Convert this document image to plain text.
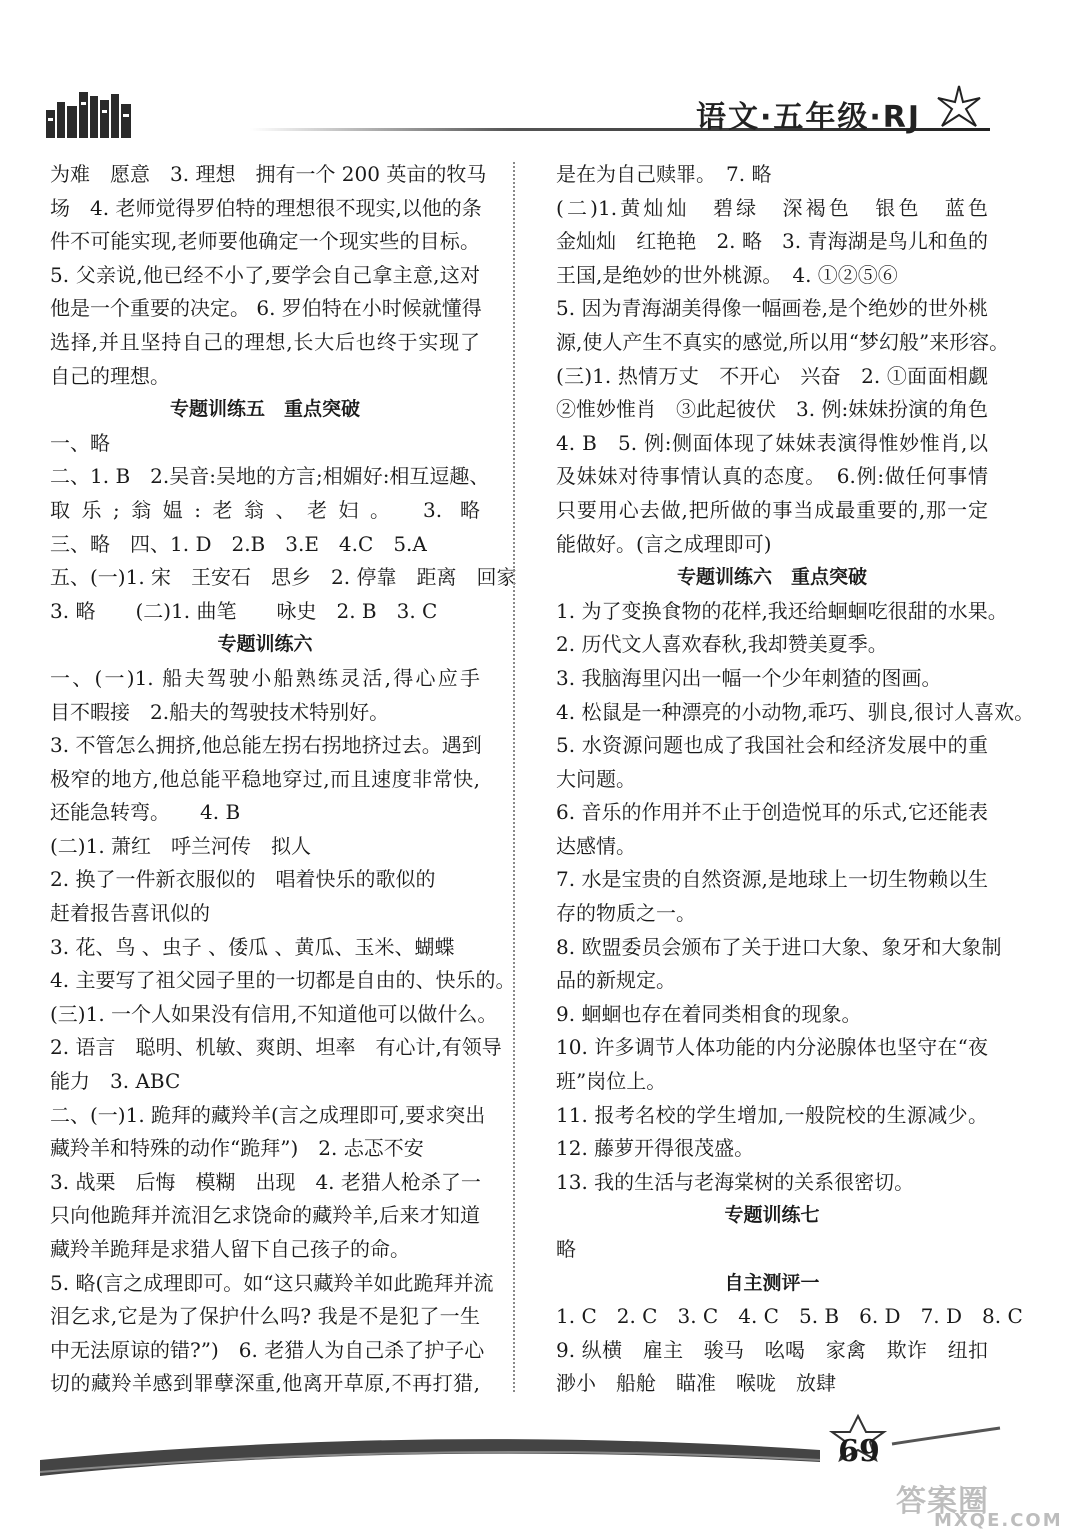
语文·五年级·RJ
为难　愿意　3. 理想　拥有一个 200 英亩的牧马
场　4. 老师觉得罗伯特的理想很不现实,以他的条
件不可能实现,老师要他确定一个现实些的目标。
5. 父亲说,他已经不小了,要学会自己拿主意,这对
他是一个重要的决定。 6. 罗伯特在小时候就懂得
选择,并且坚持自己的理想,长大后也终于实现了
自己的理想。
专题训练五　重点突破
一、略
二、1. B　2.吴音:吴地的方言;相媚好:相互逗趣、
取乐;翁媪:老翁、老妇。　3. 略
三、略　四、1. D　2.B　3.E　4.C　5.A
五、(一)1. 宋　王安石　思乡　2. 停靠　距离　回家
3. 略　　(二)1. 曲笔　　咏史　2. B　3. C
专题训练六
一、(一)1. 船夫驾驶小船熟练灵活,得心应手
目不暇接　2.船夫的驾驶技术特别好。
3. 不管怎么拥挤,他总能左拐右拐地挤过去。遇到
极窄的地方,他总能平稳地穿过,而且速度非常快,
还能急转弯。　　4. B
(二)1. 萧红　呼兰河传　拟人
2. 换了一件新衣服似的　唱着快乐的歌似的
赶着报告喜讯似的
3. 花、鸟 、虫子 、倭瓜 、黄瓜、玉米、蝴蝶
4. 主要写了祖父园子里的一切都是自由的、快乐的。
(三)1. 一个人如果没有信用,不知道他可以做什么。
2. 语言　聪明、机敏、爽朗、坦率　有心计,有领导
能力　3. ABC
二、(一)1. 跪拜的藏羚羊(言之成理即可,要求突出
藏羚羊和特殊的动作“跪拜”)　2. 忐忑不安
3. 战栗　后悔　模糊　出现　4. 老猎人枪杀了一
只向他跪拜并流泪乞求饶命的藏羚羊,后来才知道
藏羚羊跪拜是求猎人留下自己孩子的命。
5. 略(言之成理即可。如“这只藏羚羊如此跪拜并流
泪乞求,它是为了保护什么吗? 我是不是犯了一生
中无法原谅的错?”)　6. 老猎人为自己杀了护子心
切的藏羚羊感到罪孽深重,他离开草原,不再打猎,
是在为自己赎罪。　7. 略
(二)1.黄灿灿　碧绿　深褐色　银色　蓝色
金灿灿　红艳艳　2. 略　3. 青海湖是鸟儿和鱼的
王国,是绝妙的世外桃源。　4. ①②⑤⑥
5. 因为青海湖美得像一幅画卷,是个绝妙的世外桃
源,使人产生不真实的感觉,所以用“梦幻般”来形容。
(三)1. 热情万丈　不开心　兴奋　2. ①面面相觑
②惟妙惟肖　③此起彼伏　3. 例:妹妹扮演的角色
4. B　5. 例:侧面体现了妹妹表演得惟妙惟肖,以
及妹妹对待事情认真的态度。　6.例:做任何事情
只要用心去做,把所做的事当成最重要的,那一定
能做好。(言之成理即可)
专题训练六　重点突破
1. 为了变换食物的花样,我还给蛔蛔吃很甜的水果。
2. 历代文人喜欢春秋,我却赞美夏季。
3. 我脑海里闪出一幅一个少年刺猹的图画。
4. 松鼠是一种漂亮的小动物,乖巧、驯良,很讨人喜欢。
5. 水资源问题也成了我国社会和经济发展中的重
大问题。
6. 音乐的作用并不止于创造悦耳的乐式,它还能表
达感情。
7. 水是宝贵的自然资源,是地球上一切生物赖以生
存的物质之一。
8. 欧盟委员会颁布了关于进口大象、象牙和大象制
品的新规定。
9. 蛔蛔也存在着同类相食的现象。
10. 许多调节人体功能的内分泌腺体也坚守在“夜
班”岗位上。
11. 报考名校的学生增加,一般院校的生源减少。
12. 藤萝开得很茂盛。
13. 我的生活与老海棠树的关系很密切。
专题训练七
略
自主测评一
1. C　2. C　3. C　4. C　5. B　6. D　7. D　8. C
9. 纵横　雇主　骏马　吆喝　家禽　欺诈　纽扣
渺小　船舱　瞄准　喉咙　放肆
69
答案圈
MXQE.COM
